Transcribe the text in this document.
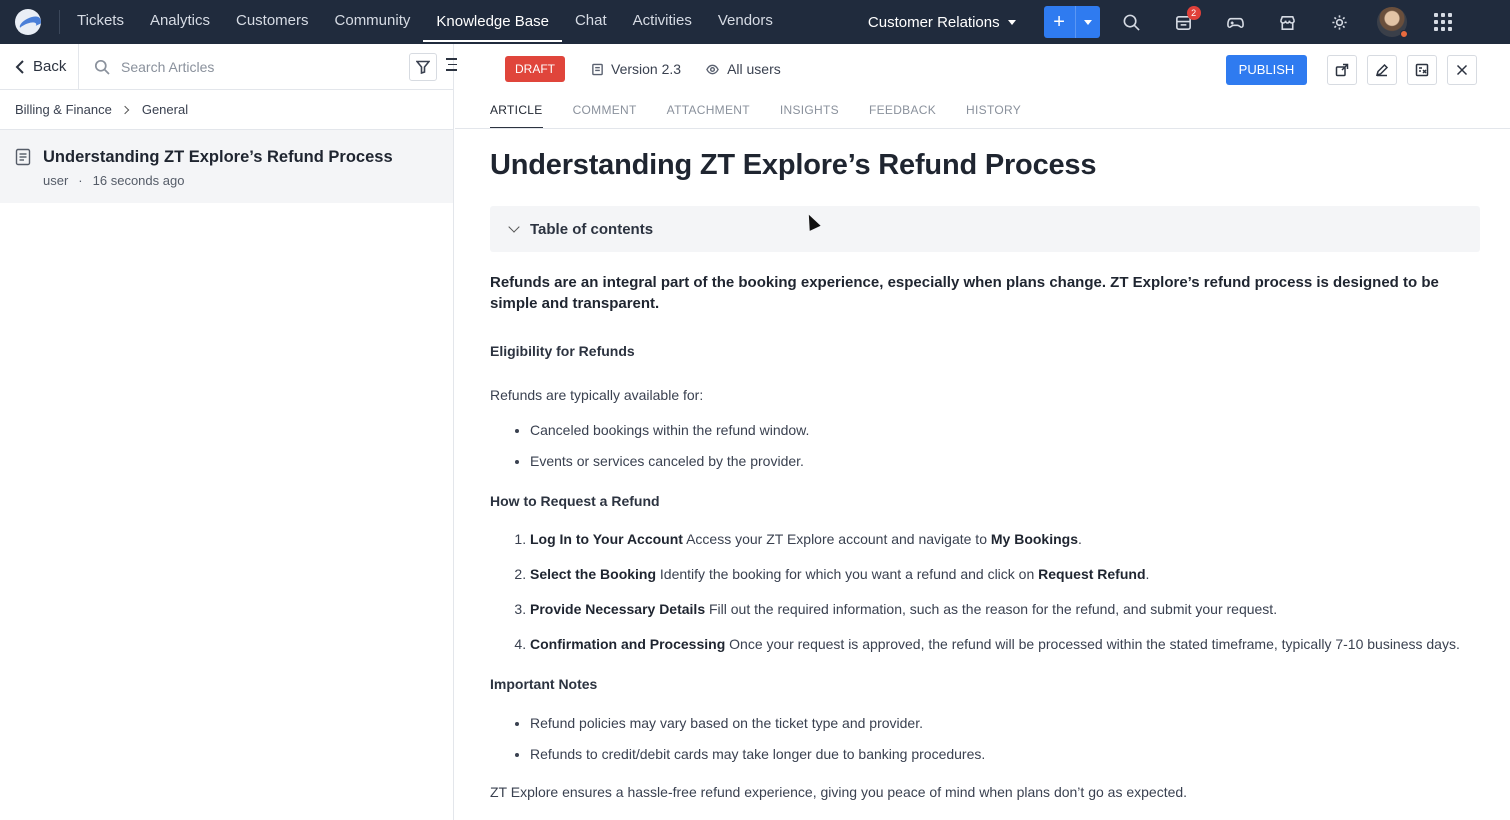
Tickets	Analytics	Customers	Community	Knowledge Base	Chat	Activities	Vendors	Customer Relations	+	2
Back	Search Articles
Billing & Finance General
Understanding ZT Explore’s Refund Process
user · 16 seconds ago
DRAFT	Version 2.3	All users	PUBLISH
ARTICLE	COMMENT	ATTACHMENT	INSIGHTS	FEEDBACK	HISTORY
Understanding ZT Explore’s Refund Process
Table of contents

Refunds are an integral part of the booking experience, especially when plans change. ZT Explore’s refund process is designed to be simple and transparent.

Eligibility for Refunds

Refunds are typically available for:

• Canceled bookings within the refund window.
• Events or services canceled by the provider.

How to Request a Refund

1. Log In to Your Account Access your ZT Explore account and navigate to My Bookings.
2. Select the Booking Identify the booking for which you want a refund and click on Request Refund.
3. Provide Necessary Details Fill out the required information, such as the reason for the refund, and submit your request.
4. Confirmation and Processing Once your request is approved, the refund will be processed within the stated timeframe, typically 7-10 business days.

Important Notes

• Refund policies may vary based on the ticket type and provider.
• Refunds to credit/debit cards may take longer due to banking procedures.

ZT Explore ensures a hassle-free refund experience, giving you peace of mind when plans don’t go as expected.
